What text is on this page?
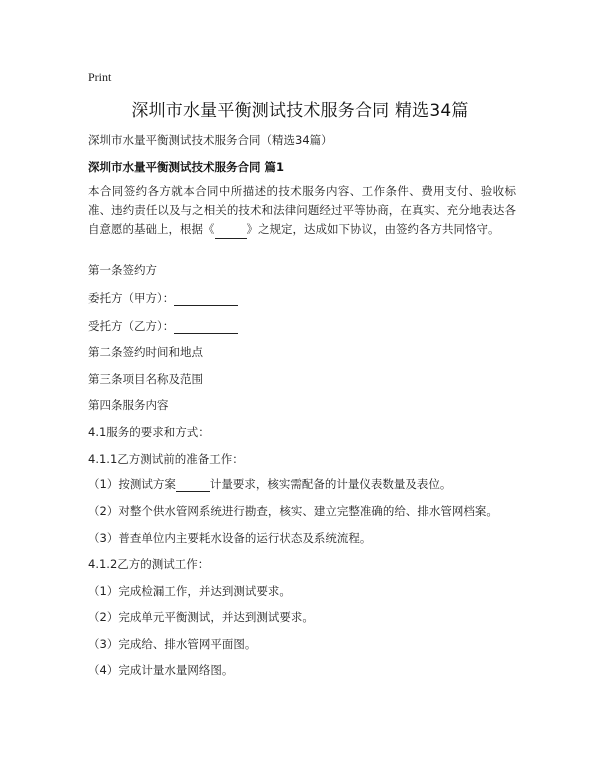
Print
深圳市水量平衡测试技术服务合同 精选34篇
深圳市水量平衡测试技术服务合同（精选34篇）
深圳市水量平衡测试技术服务合同 篇1

本合同签约各方就本合同中所描述的技术服务内容、工作条件、费用支付、验收标准、违约责任以及与之相关的技术和法律问题经过平等协商，在真实、充分地表达各自意愿的基础上，根据《	》之规定，达成如下协议，由签约各方共同恪守。

第一条签约方
委托方（甲方）：
受托方（乙方）：
第二条签约时间和地点
第三条项目名称及范围
第四条服务内容
4.1服务的要求和方式：
4.1.1乙方测试前的准备工作：
（1）按测试方案	计量要求，核实需配备的计量仪表数量及表位。
（2）对整个供水管网系统进行勘查，核实、建立完整准确的给、排水管网档案。
（3）普查单位内主要耗水设备的运行状态及系统流程。
4.1.2乙方的测试工作：
（1）完成检漏工作，并达到测试要求。
（2）完成单元平衡测试，并达到测试要求。
（3）完成给、排水管网平面图。
（4）完成计量水量网络图。
